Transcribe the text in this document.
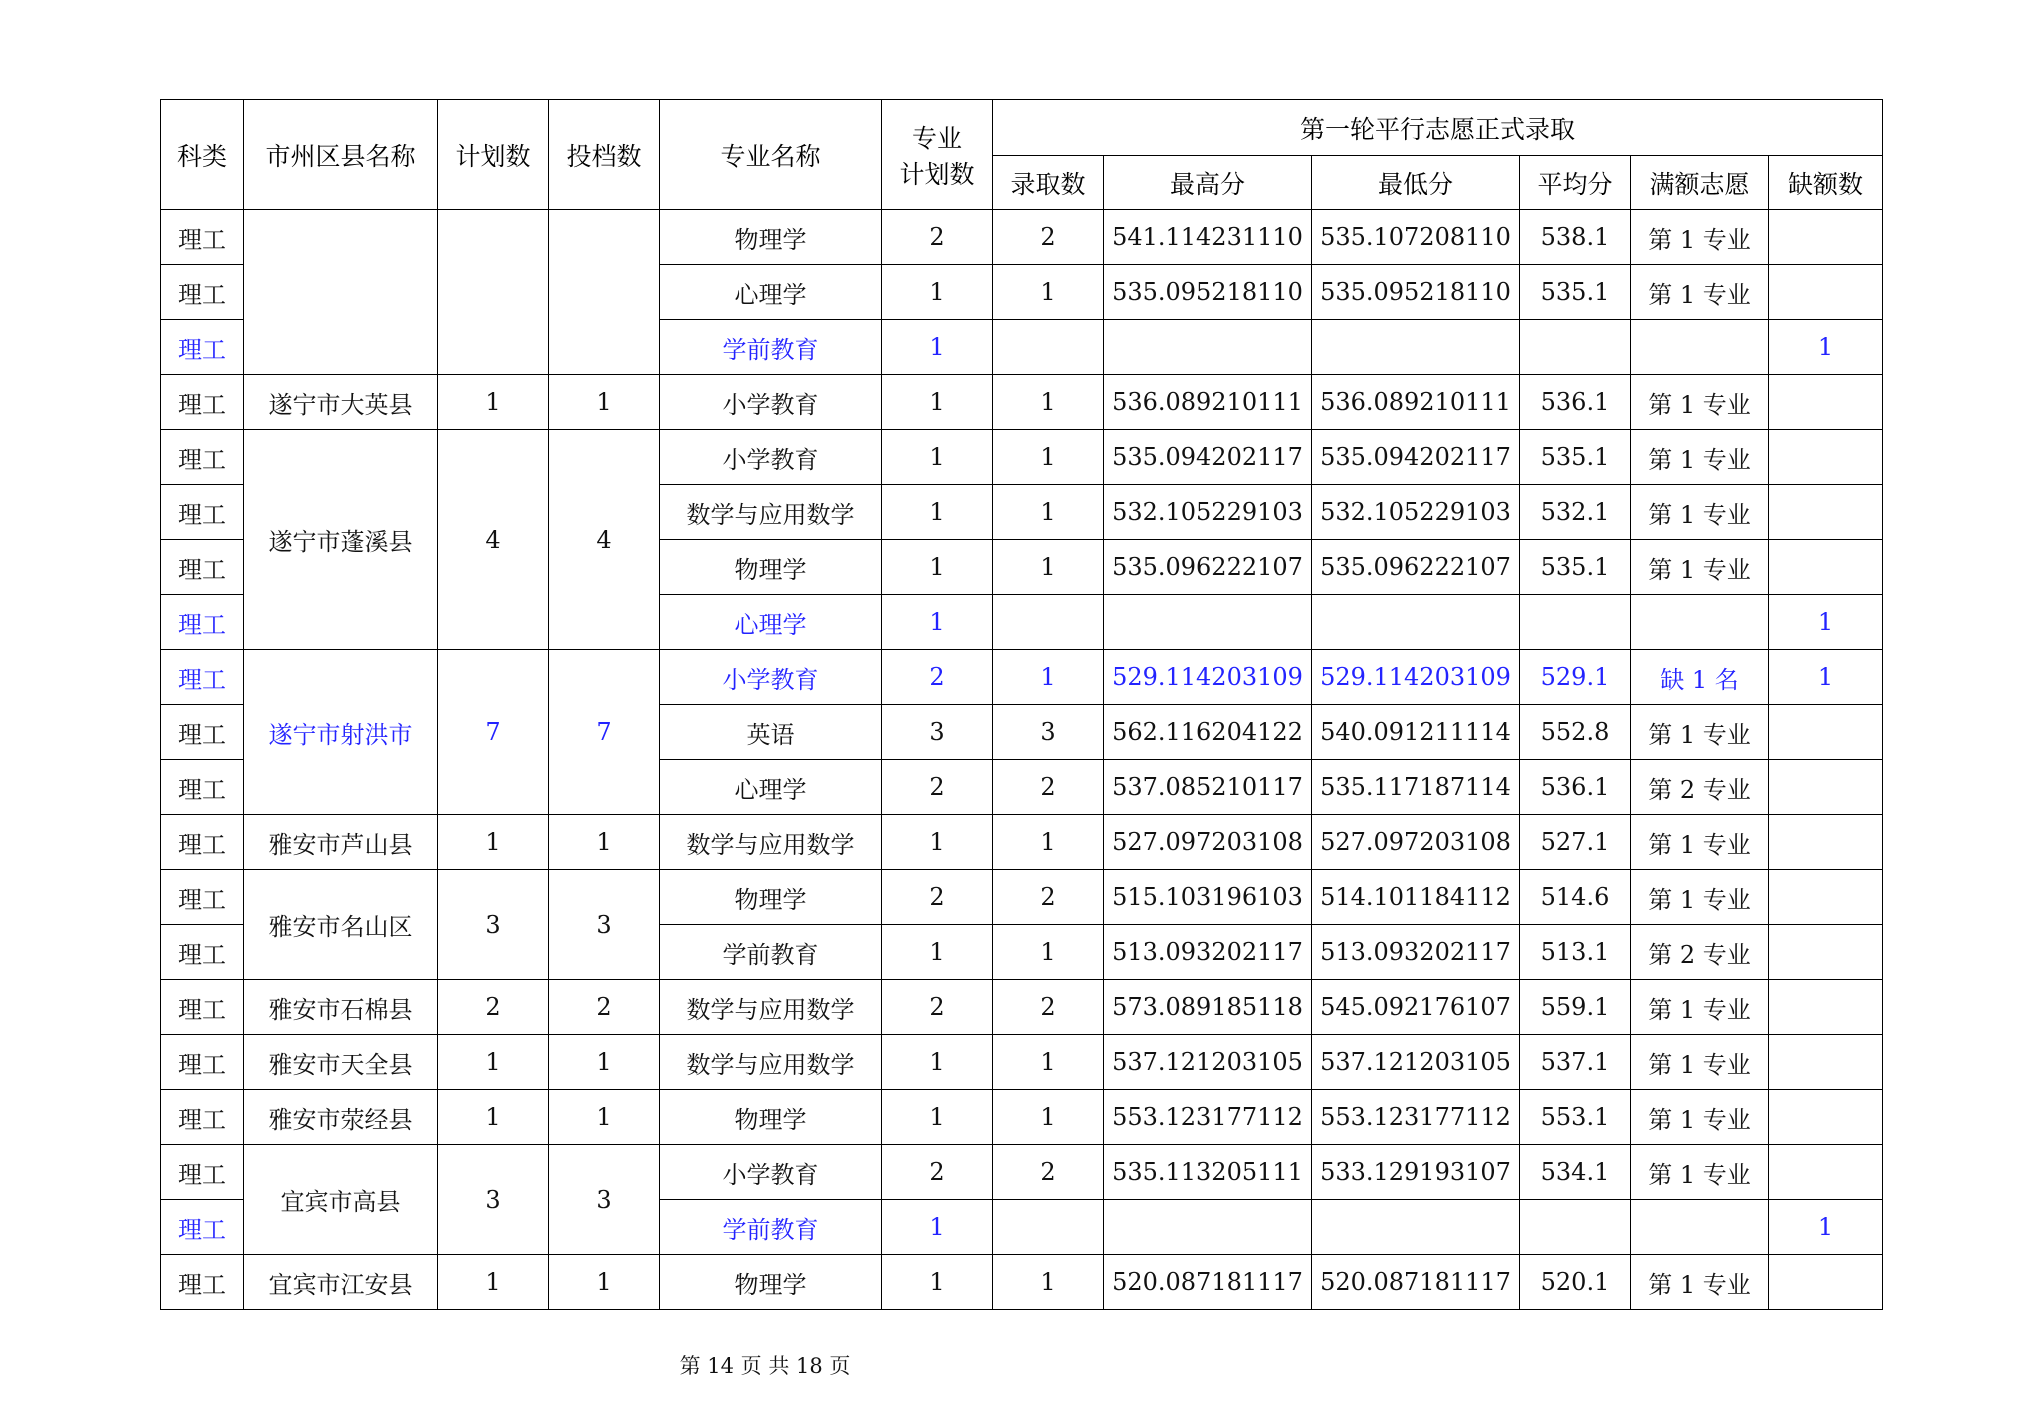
科类	市州区县名称	计划数	投档数	专业名称	专业
计划数	第一轮平行志愿正式录取					
						录取数	最高分	最低分	平均分	满额志愿	缺额数
理工				物理学	2	2	541.114231110	535.107208110	538.1	第 1 专业	
理工				心理学	1	1	535.095218110	535.095218110	535.1	第 1 专业	
理工				学前教育	1						1
理工	遂宁市大英县	1	1	小学教育	1	1	536.089210111	536.089210111	536.1	第 1 专业	
理工	遂宁市蓬溪县	4	4	小学教育	1	1	535.094202117	535.094202117	535.1	第 1 专业	
理工				数学与应用数学	1	1	532.105229103	532.105229103	532.1	第 1 专业	
理工				物理学	1	1	535.096222107	535.096222107	535.1	第 1 专业	
理工				心理学	1						1
理工	遂宁市射洪市	7	7	小学教育	2	1	529.114203109	529.114203109	529.1	缺 1 名	1
理工				英语	3	3	562.116204122	540.091211114	552.8	第 1 专业	
理工				心理学	2	2	537.085210117	535.117187114	536.1	第 2 专业	
理工	雅安市芦山县	1	1	数学与应用数学	1	1	527.097203108	527.097203108	527.1	第 1 专业	
理工	雅安市名山区	3	3	物理学	2	2	515.103196103	514.101184112	514.6	第 1 专业	
理工				学前教育	1	1	513.093202117	513.093202117	513.1	第 2 专业	
理工	雅安市石棉县	2	2	数学与应用数学	2	2	573.089185118	545.092176107	559.1	第 1 专业	
理工	雅安市天全县	1	1	数学与应用数学	1	1	537.121203105	537.121203105	537.1	第 1 专业	
理工	雅安市荥经县	1	1	物理学	1	1	553.123177112	553.123177112	553.1	第 1 专业	
理工	宜宾市高县	3	3	小学教育	2	2	535.113205111	533.129193107	534.1	第 1 专业	
理工				学前教育	1						1
理工	宜宾市江安县	1	1	物理学	1	1	520.087181117	520.087181117	520.1	第 1 专业	
第 14 页 共 18 页
